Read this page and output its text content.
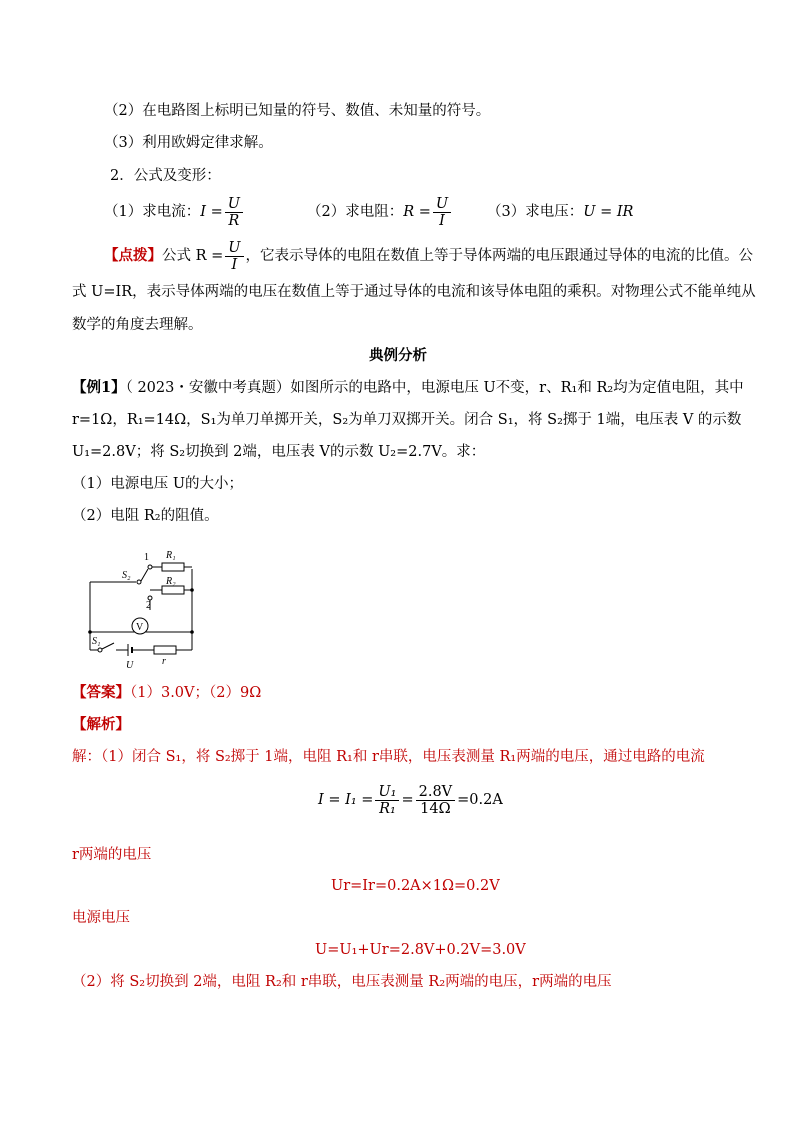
（2）在电路图上标明已知量的符号、数值、未知量的符号。
（3）利用欧姆定律求解。
2．公式及变形：
（1）求电流： $I = \frac{U}{R}$	（2）求电阻： $R = \frac{U}{I} (3)$求电压：U = IR
【点拨】 公式 $R = \frac{U}{I}$ ，它表示导体的电阻在数值上等于导体两端的电压跟通过导体的电流的比值。公
式 U=IR，表示导体两端的电压在数值上等于通过导体的电流和该导体电阻的乘积。对物理公式不能单纯从
数学的角度去理解。
典例分析
【例1】（ 2023・安徽中考真题）如图所示的电路中，电源电压 U不变，r、R₁和 R₂均为定值电阻，其中
r=1Ω，R₁=14Ω，S₁为单刀单掷开关，S₂为单刀双掷开关。闭合 S₁，将 S₂掷于 1端，电压表 V 的示数
U₁=2.8V；将 S₂切换到 2端，电压表 V的示数 U₂=2.7V。求：
（1）电源电压 U的大小；
（2）电阻 R₂的阻值。
1 R₁
S₂
R₂
2
V
S₁
U	r
【答案】（1）3.0V；（2）9Ω
【解析】
解：（1）闭合 S₁，将 S₂掷于 1端，电阻 R₁和 r串联，电压表测量 R₁两端的电压，通过电路的电流
$I = I_1 = \frac{\text{U₁}}{\text{R₁}} = \frac{2.8V}{14\Omega} =0.2A$
r两端的电压
Ur=Ir=0.2A×1Ω=0.2V
电源电压
U=U₁+Ur=2.8V+0.2V=3.0V
（2）将 S₂切换到 2端，电阻 R₂和 r串联，电压表测量 R₂两端的电压，r两端的电压
